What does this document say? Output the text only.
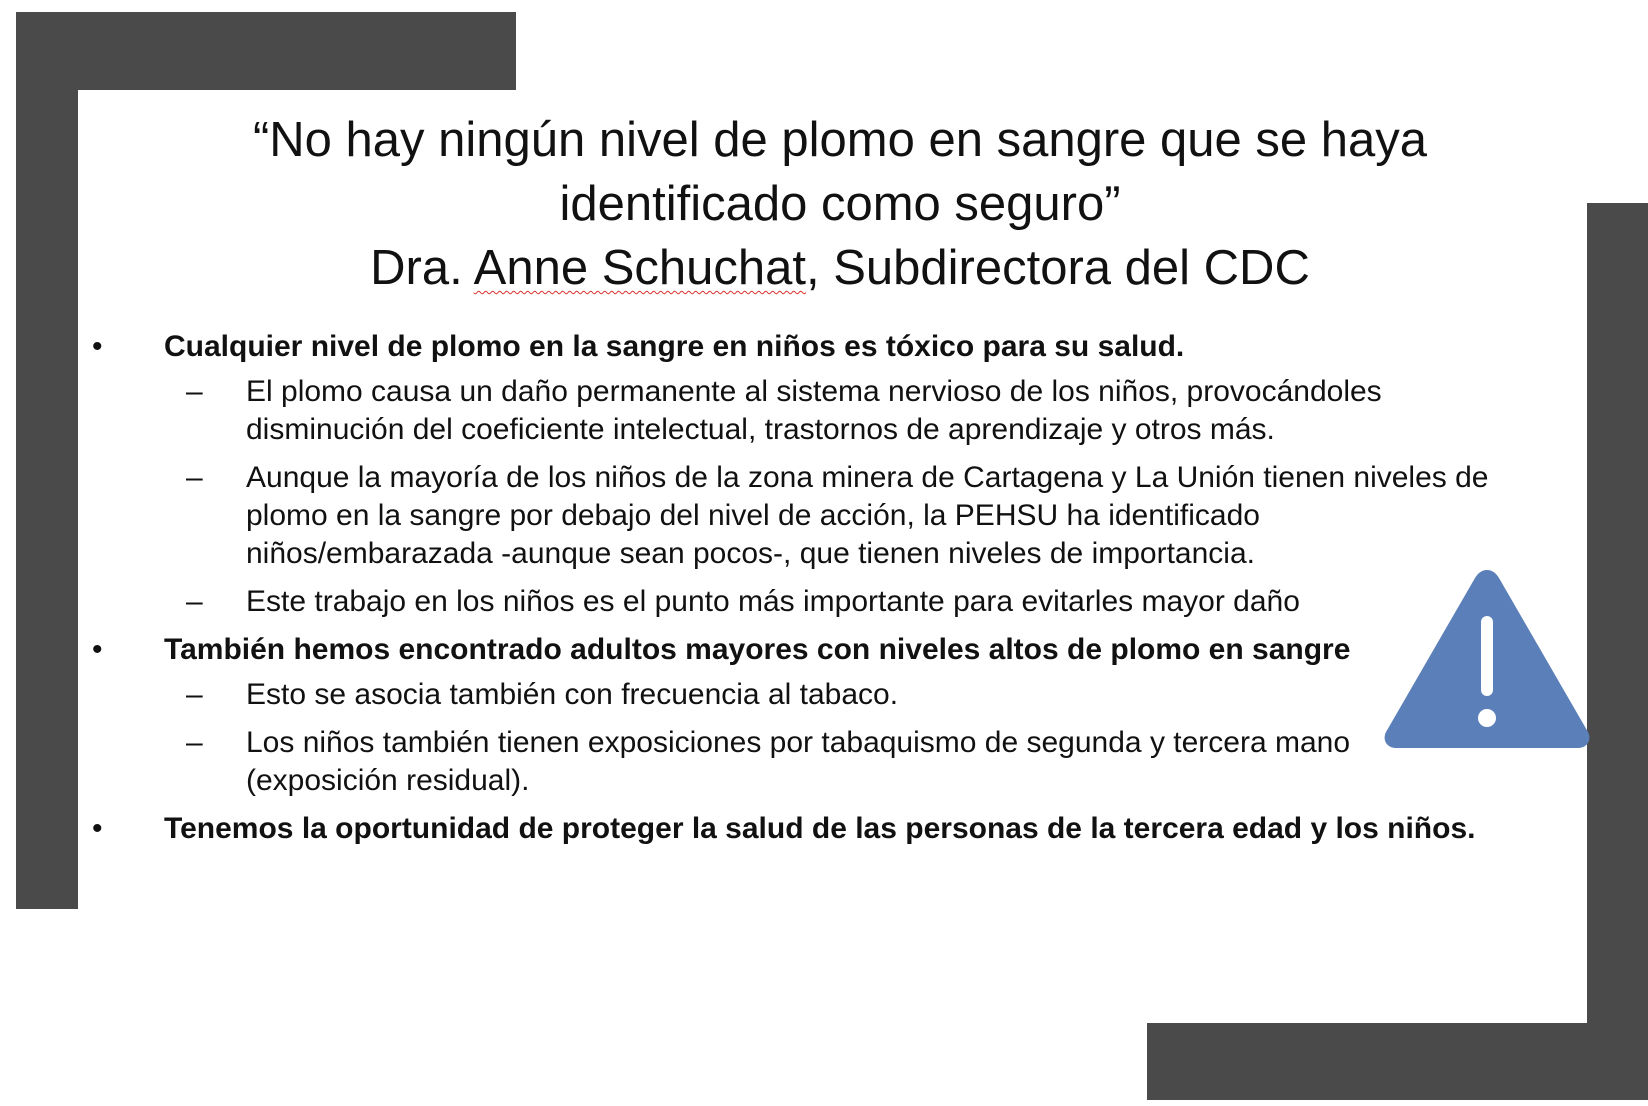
“No hay ningún nivel de plomo en sangre que se haya
identificado como seguro”
Dra. Anne Schuchat, Subdirectora del CDC
• Cualquier nivel de plomo en la sangre en niños es tóxico para su salud.
– El plomo causa un daño permanente al sistema nervioso de los niños, provocándoles disminución del coeficiente intelectual, trastornos de aprendizaje y otros más.
– Aunque la mayoría de los niños de la zona minera de Cartagena y La Unión tienen niveles de plomo en la sangre por debajo del nivel de acción, la PEHSU ha identificado niños/embarazada -aunque sean pocos-, que tienen niveles de importancia.
– Este trabajo en los niños es el punto más importante para evitarles mayor daño
• También hemos encontrado adultos mayores con niveles altos de plomo en sangre
– Esto se asocia también con frecuencia al tabaco.
– Los niños también tienen exposiciones por tabaquismo de segunda y tercera mano (exposición residual).
• Tenemos la oportunidad de proteger la salud de las personas de la tercera edad y los niños.
